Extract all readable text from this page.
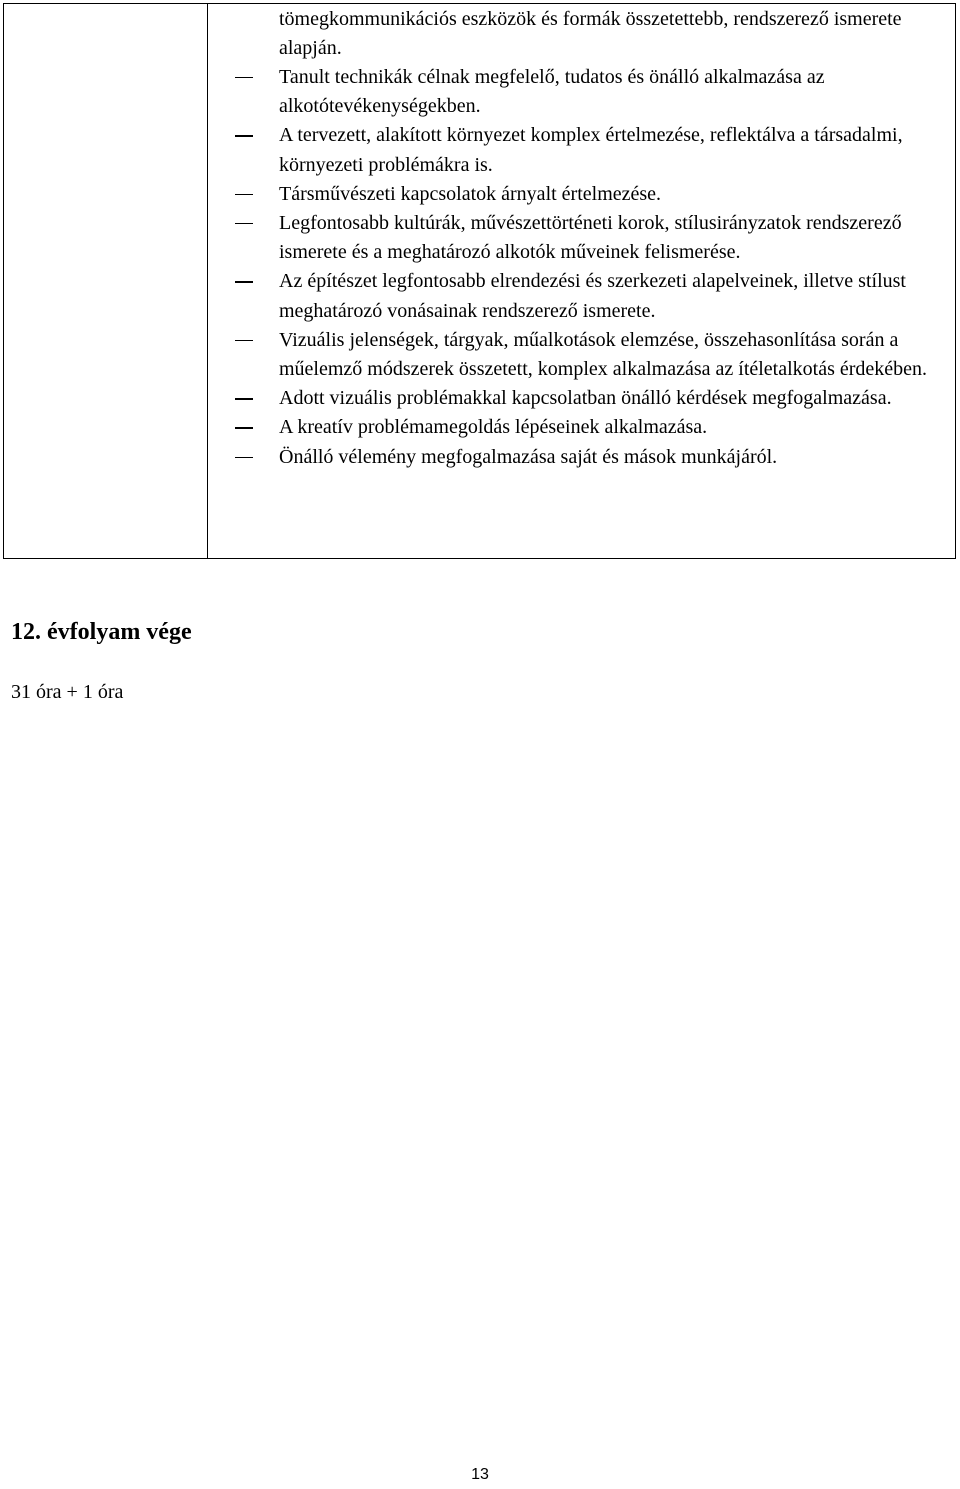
tömegkommunikációs eszközök és formák összetettebb, rendszerező ismerete alapján.
Tanult technikák célnak megfelelő, tudatos és önálló alkalmazása az alkotótevékenységekben.
A tervezett, alakított környezet komplex értelmezése, reflektálva a társadalmi, környezeti problémákra is.
Társművészeti kapcsolatok árnyalt értelmezése.
Legfontosabb kultúrák, művészettörténeti korok, stílusirányzatok rendszerező ismerete és a meghatározó alkotók műveinek felismerése.
Az építészet legfontosabb elrendezési és szerkezeti alapelveinek, illetve stílust meghatározó vonásainak rendszerező ismerete.
Vizuális jelenségek, tárgyak, műalkotások elemzése, összehasonlítása során a műelemző módszerek összetett, komplex alkalmazása az ítéletalkotás érdekében.
Adott vizuális problémakkal kapcsolatban önálló kérdések megfogalmazása.
A kreatív problémamegoldás lépéseinek alkalmazása.
Önálló vélemény megfogalmazása saját és mások munkájáról.
12. évfolyam vége
31 óra + 1 óra
13
